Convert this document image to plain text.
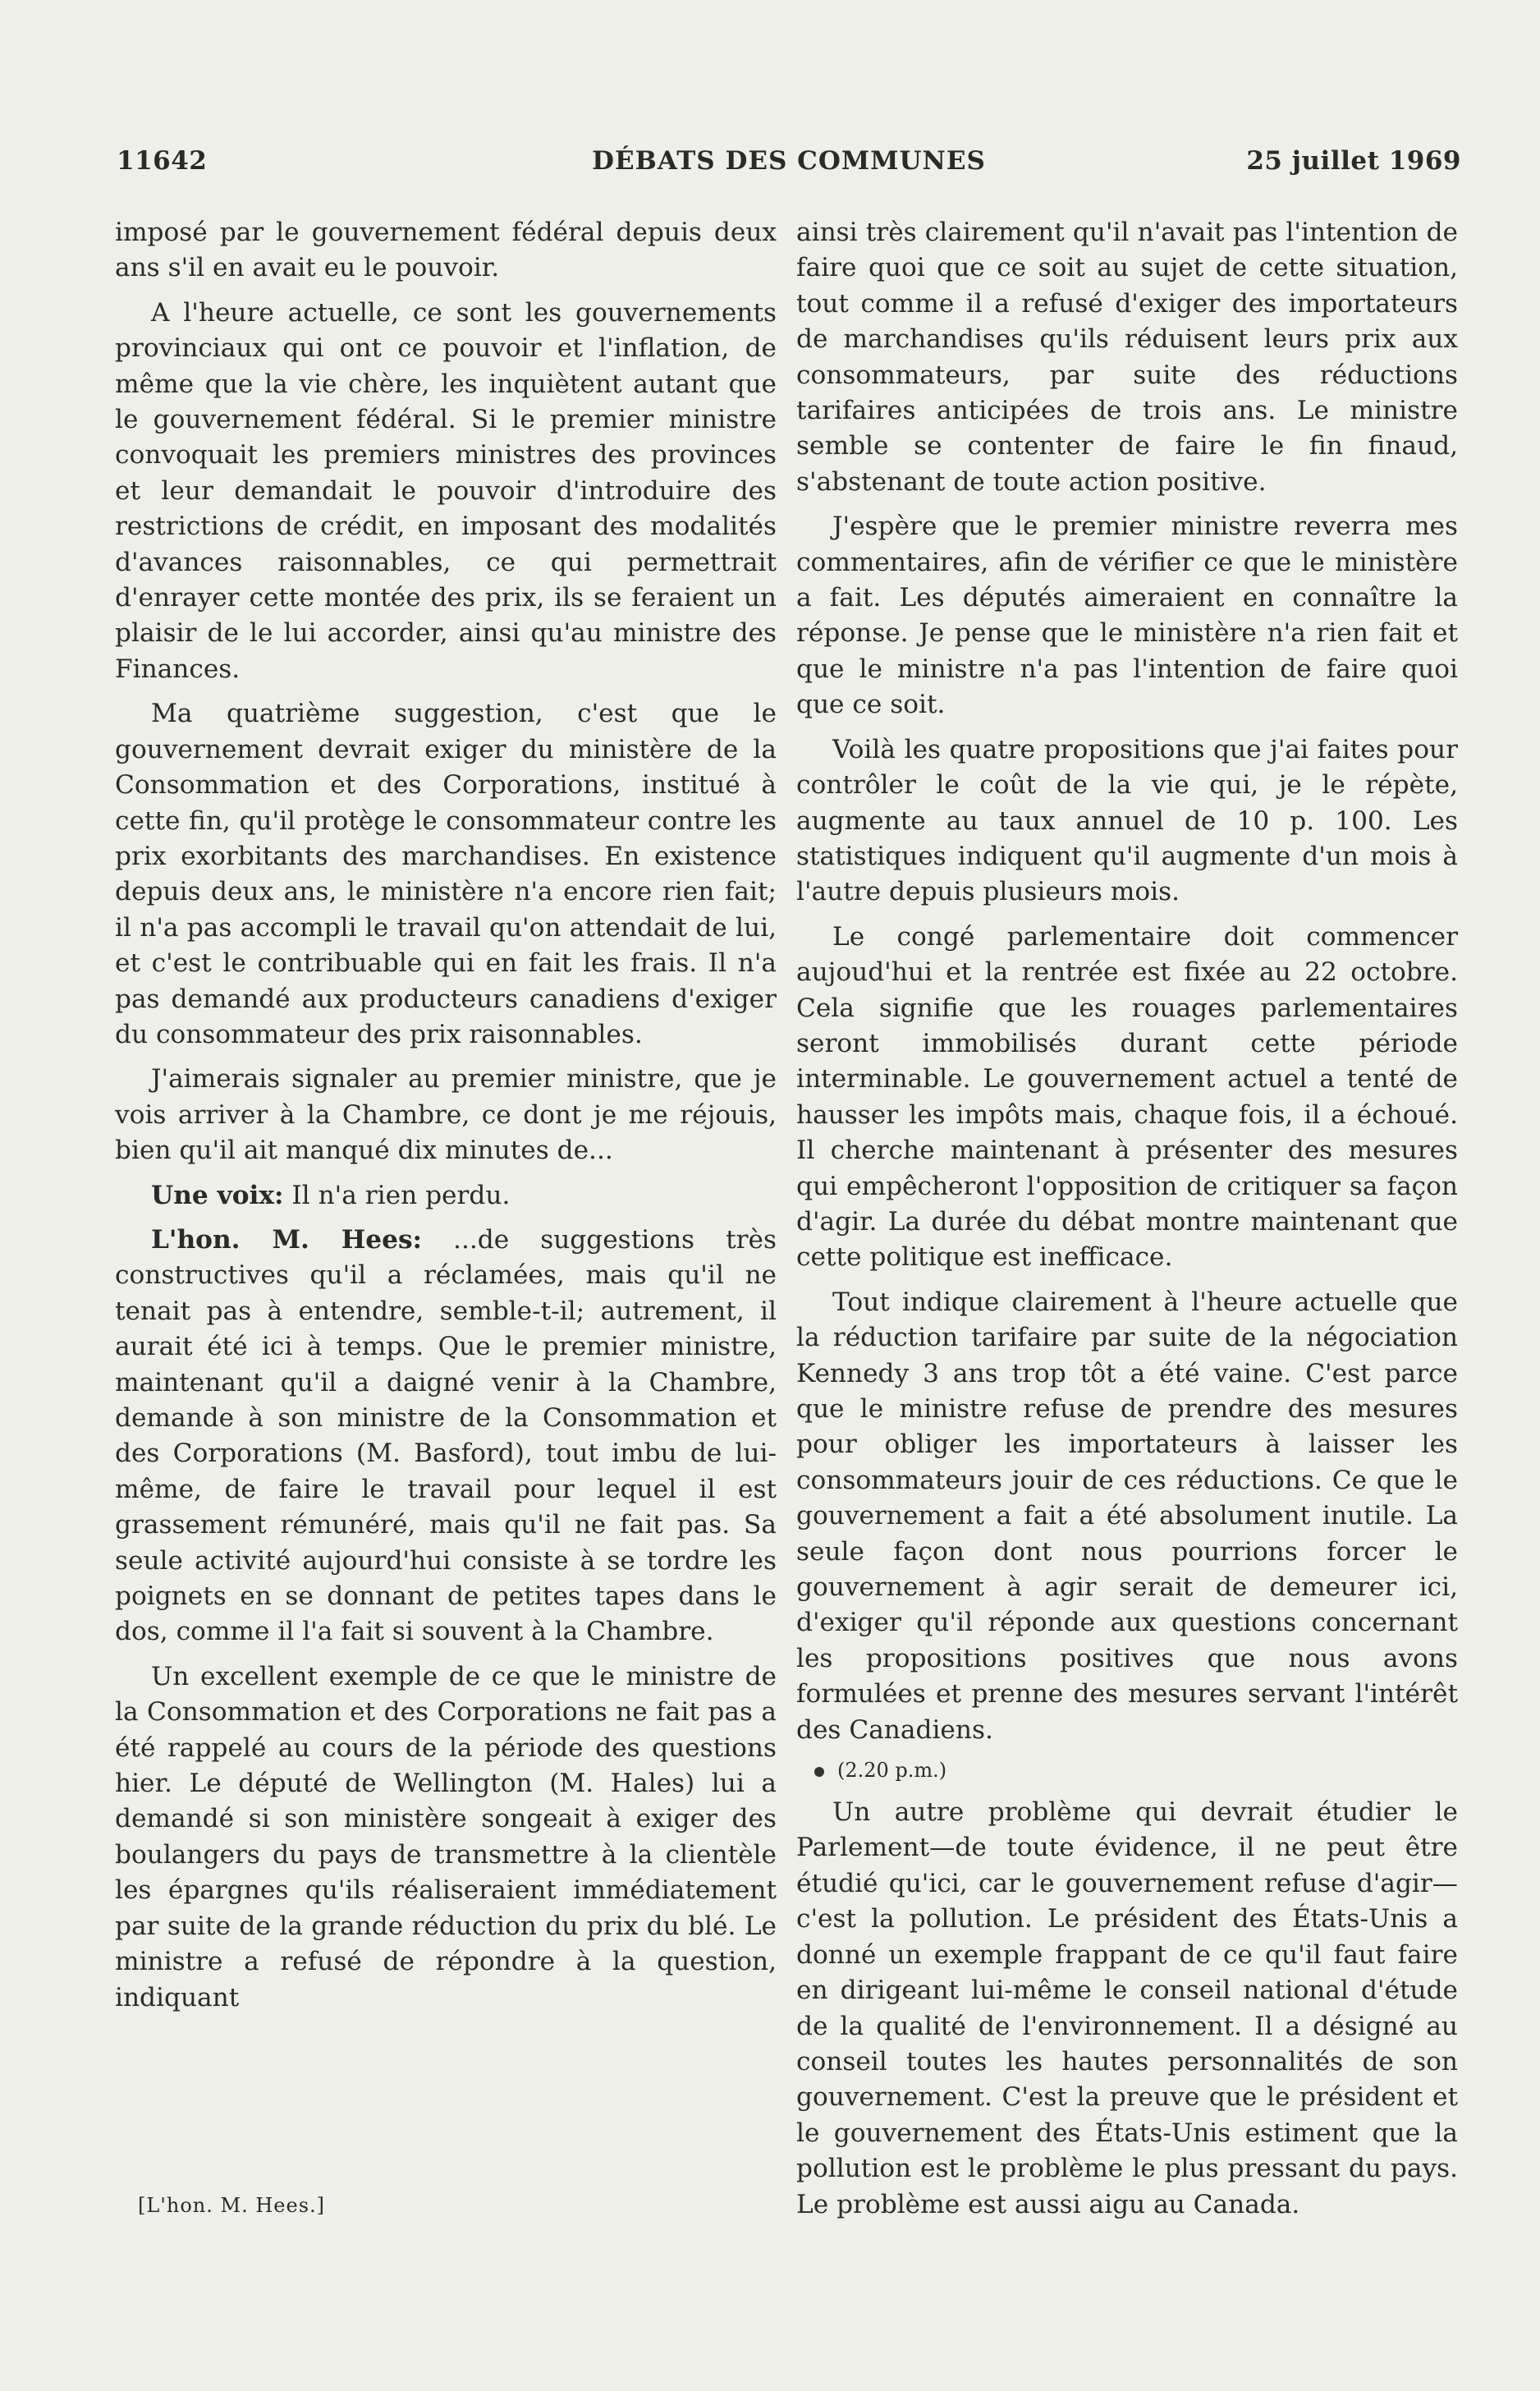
11642	DÉBATS DES COMMUNES	25 juillet 1969

imposé par le gouvernement fédéral depuis deux ans s'il en avait eu le pouvoir.

A l'heure actuelle, ce sont les gouvernements provinciaux qui ont ce pouvoir et l'inflation, de même que la vie chère, les inquiètent autant que le gouvernement fédéral. Si le premier ministre convoquait les premiers ministres des provinces et leur demandait le pouvoir d'introduire des restrictions de crédit, en imposant des modalités d'avances raisonnables, ce qui permettrait d'enrayer cette montée des prix, ils se feraient un plaisir de le lui accorder, ainsi qu'au ministre des Finances.

Ma quatrième suggestion, c'est que le gouvernement devrait exiger du ministère de la Consommation et des Corporations, institué à cette fin, qu'il protège le consommateur contre les prix exorbitants des marchandises. En existence depuis deux ans, le ministère n'a encore rien fait; il n'a pas accompli le travail qu'on attendait de lui, et c'est le contribuable qui en fait les frais. Il n'a pas demandé aux producteurs canadiens d'exiger du consommateur des prix raisonnables.

J'aimerais signaler au premier ministre, que je vois arriver à la Chambre, ce dont je me réjouis, bien qu'il ait manqué dix minutes de...

Une voix: Il n'a rien perdu.

L'hon. M. Hees: ...de suggestions très constructives qu'il a réclamées, mais qu'il ne tenait pas à entendre, semble-t-il; autrement, il aurait été ici à temps. Que le premier ministre, maintenant qu'il a daigné venir à la Chambre, demande à son ministre de la Consommation et des Corporations (M. Basford), tout imbu de lui-même, de faire le travail pour lequel il est grassement rémunéré, mais qu'il ne fait pas. Sa seule activité aujourd'hui consiste à se tordre les poignets en se donnant de petites tapes dans le dos, comme il l'a fait si souvent à la Chambre.

Un excellent exemple de ce que le ministre de la Consommation et des Corporations ne fait pas a été rappelé au cours de la période des questions hier. Le député de Wellington (M. Hales) lui a demandé si son ministère songeait à exiger des boulangers du pays de transmettre à la clientèle les épargnes qu'ils réaliseraient immédiatement par suite de la grande réduction du prix du blé. Le ministre a refusé de répondre à la question, indiquant

ainsi très clairement qu'il n'avait pas l'intention de faire quoi que ce soit au sujet de cette situation, tout comme il a refusé d'exiger des importateurs de marchandises qu'ils réduisent leurs prix aux consommateurs, par suite des réductions tarifaires anticipées de trois ans. Le ministre semble se contenter de faire le fin finaud, s'abstenant de toute action positive.

J'espère que le premier ministre reverra mes commentaires, afin de vérifier ce que le ministère a fait. Les députés aimeraient en connaître la réponse. Je pense que le ministère n'a rien fait et que le ministre n'a pas l'intention de faire quoi que ce soit.

Voilà les quatre propositions que j'ai faites pour contrôler le coût de la vie qui, je le répète, augmente au taux annuel de 10 p. 100. Les statistiques indiquent qu'il augmente d'un mois à l'autre depuis plusieurs mois.

Le congé parlementaire doit commencer aujoud'hui et la rentrée est fixée au 22 octobre. Cela signifie que les rouages parlementaires seront immobilisés durant cette période interminable. Le gouvernement actuel a tenté de hausser les impôts mais, chaque fois, il a échoué. Il cherche maintenant à présenter des mesures qui empêcheront l'opposition de critiquer sa façon d'agir. La durée du débat montre maintenant que cette politique est inefficace.

Tout indique clairement à l'heure actuelle que la réduction tarifaire par suite de la négociation Kennedy 3 ans trop tôt a été vaine. C'est parce que le ministre refuse de prendre des mesures pour obliger les importateurs à laisser les consommateurs jouir de ces réductions. Ce que le gouvernement a fait a été absolument inutile. La seule façon dont nous pourrions forcer le gouvernement à agir serait de demeurer ici, d'exiger qu'il réponde aux questions concernant les propositions positives que nous avons formulées et prenne des mesures servant l'intérêt des Canadiens.

(2.20 p.m.)

Un autre problème qui devrait étudier le Parlement—de toute évidence, il ne peut être étudié qu'ici, car le gouvernement refuse d'agir—c'est la pollution. Le président des États-Unis a donné un exemple frappant de ce qu'il faut faire en dirigeant lui-même le conseil national d'étude de la qualité de l'environnement. Il a désigné au conseil toutes les hautes personnalités de son gouvernement. C'est la preuve que le président et le gouvernement des États-Unis estiment que la pollution est le problème le plus pressant du pays. Le problème est aussi aigu au Canada.

[L'hon. M. Hees.]
